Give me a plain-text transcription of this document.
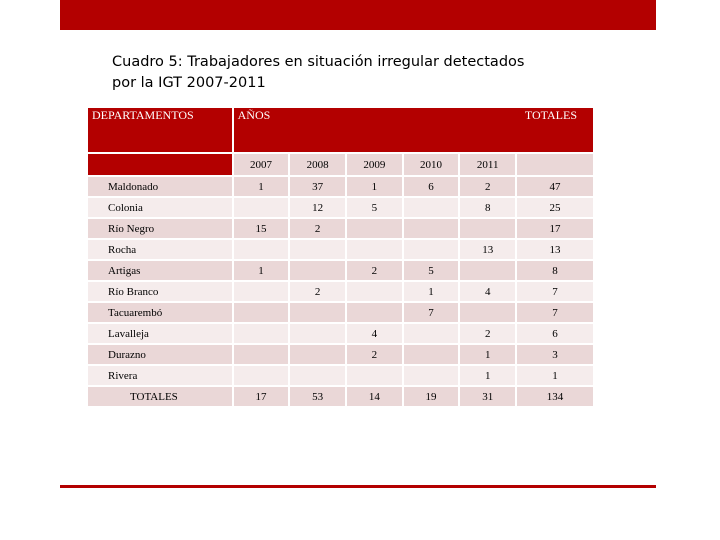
Cuadro 5: Trabajadores en situación irregular detectados
por la IGT 2007-2011
DEPARTAMENTOS	AÑOS					TOTALES
	2007	2008	2009	2010	2011	
Maldonado	1	37	1	6	2	47
Colonia		12	5		8	25
Río Negro	15	2				17
Rocha					13	13
Artigas	1		2	5		8
Río Branco		2		1	4	7
Tacuarembó				7		7
Lavalleja			4		2	6
Durazno			2		1	3
Rivera					1	1
TOTALES	17	53	14	19	31	134
